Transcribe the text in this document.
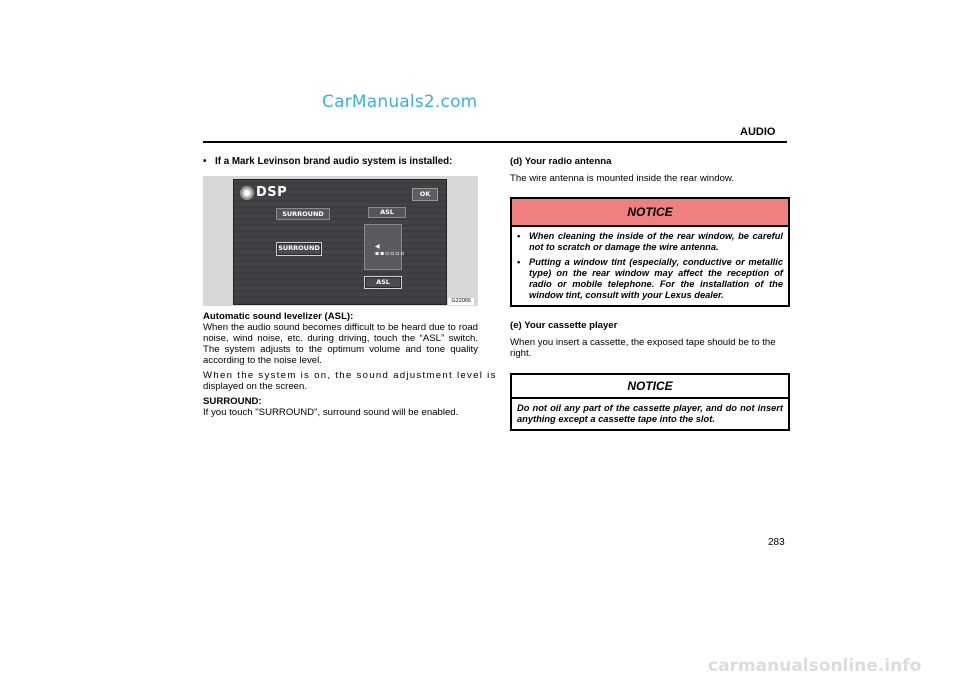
CarManuals2.com
AUDIO
• If a Mark Levinson brand audio system is installed:
DSP	OK
SURROUND
SURROUND
ASL
◀ ▪▪▫▫▫▫
ASL
G22066
Automatic sound levelizer (ASL):
When the audio sound becomes difficult to be heard due to road noise, wind noise, etc. during driving, touch the “ASL” switch. The system adjusts to the optimum volume and tone quality according to the noise level.
When the system is on, the sound adjustment level is
displayed on the screen.
SURROUND:
If you touch "SURROUND", surround sound will be enabled.
(d) Your radio antenna
The wire antenna is mounted inside the rear window.
NOTICE
• When cleaning the inside of the rear window, be careful not to scratch or damage the wire antenna.
• Putting a window tint (especially, conductive or metallic type) on the rear window may affect the reception of radio or mobile telephone. For the installation of the window tint, consult with your Lexus dealer.
(e) Your cassette player
When you insert a cassette, the exposed tape should be to the right.
NOTICE
Do not oil any part of the cassette player, and do not insert anything except a cassette tape into the slot.
283
carmanualsonline.info
